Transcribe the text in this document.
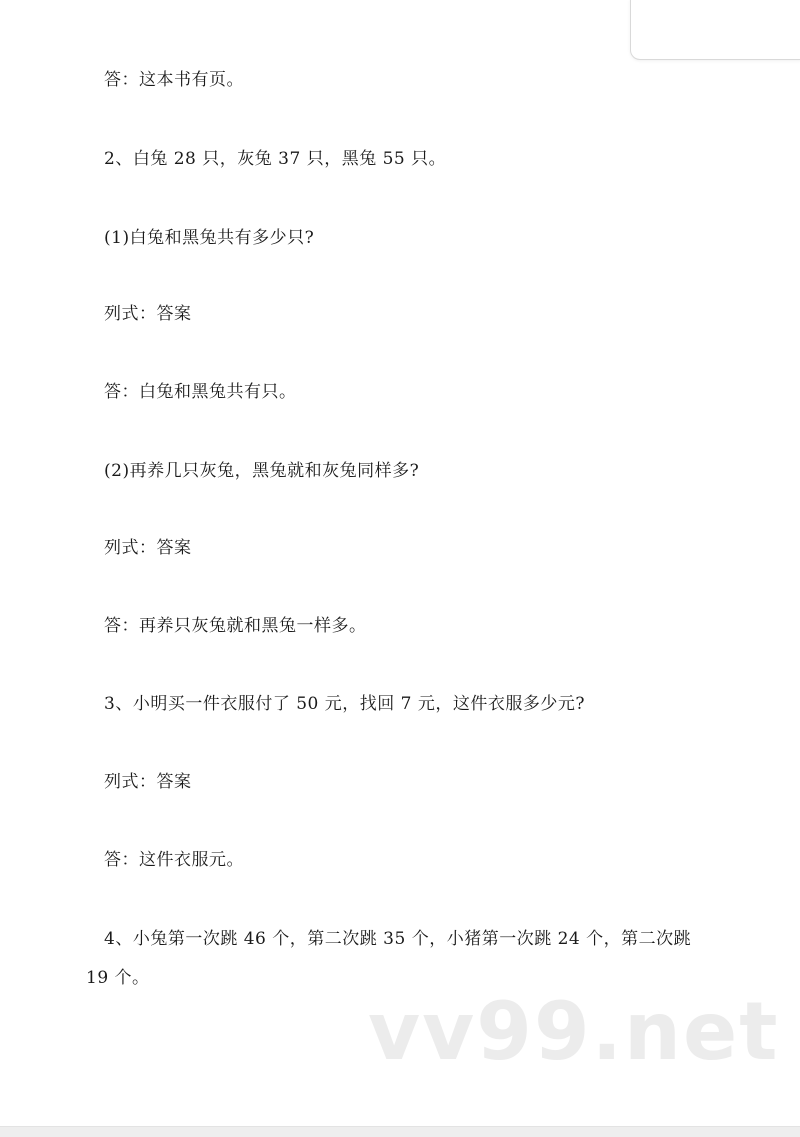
答：这本书有页。
2、白兔 28 只，灰兔 37 只，黑兔 55 只。
(1)白兔和黑兔共有多少只?
列式：答案
答：白兔和黑兔共有只。
(2)再养几只灰兔，黑兔就和灰兔同样多?
列式：答案
答：再养只灰兔就和黑兔一样多。
3、小明买一件衣服付了 50 元，找回 7 元，这件衣服多少元?
列式：答案
答：这件衣服元。
4、小兔第一次跳 46 个，第二次跳 35 个，小猪第一次跳 24 个，第二次跳
19 个。
vv99.net
